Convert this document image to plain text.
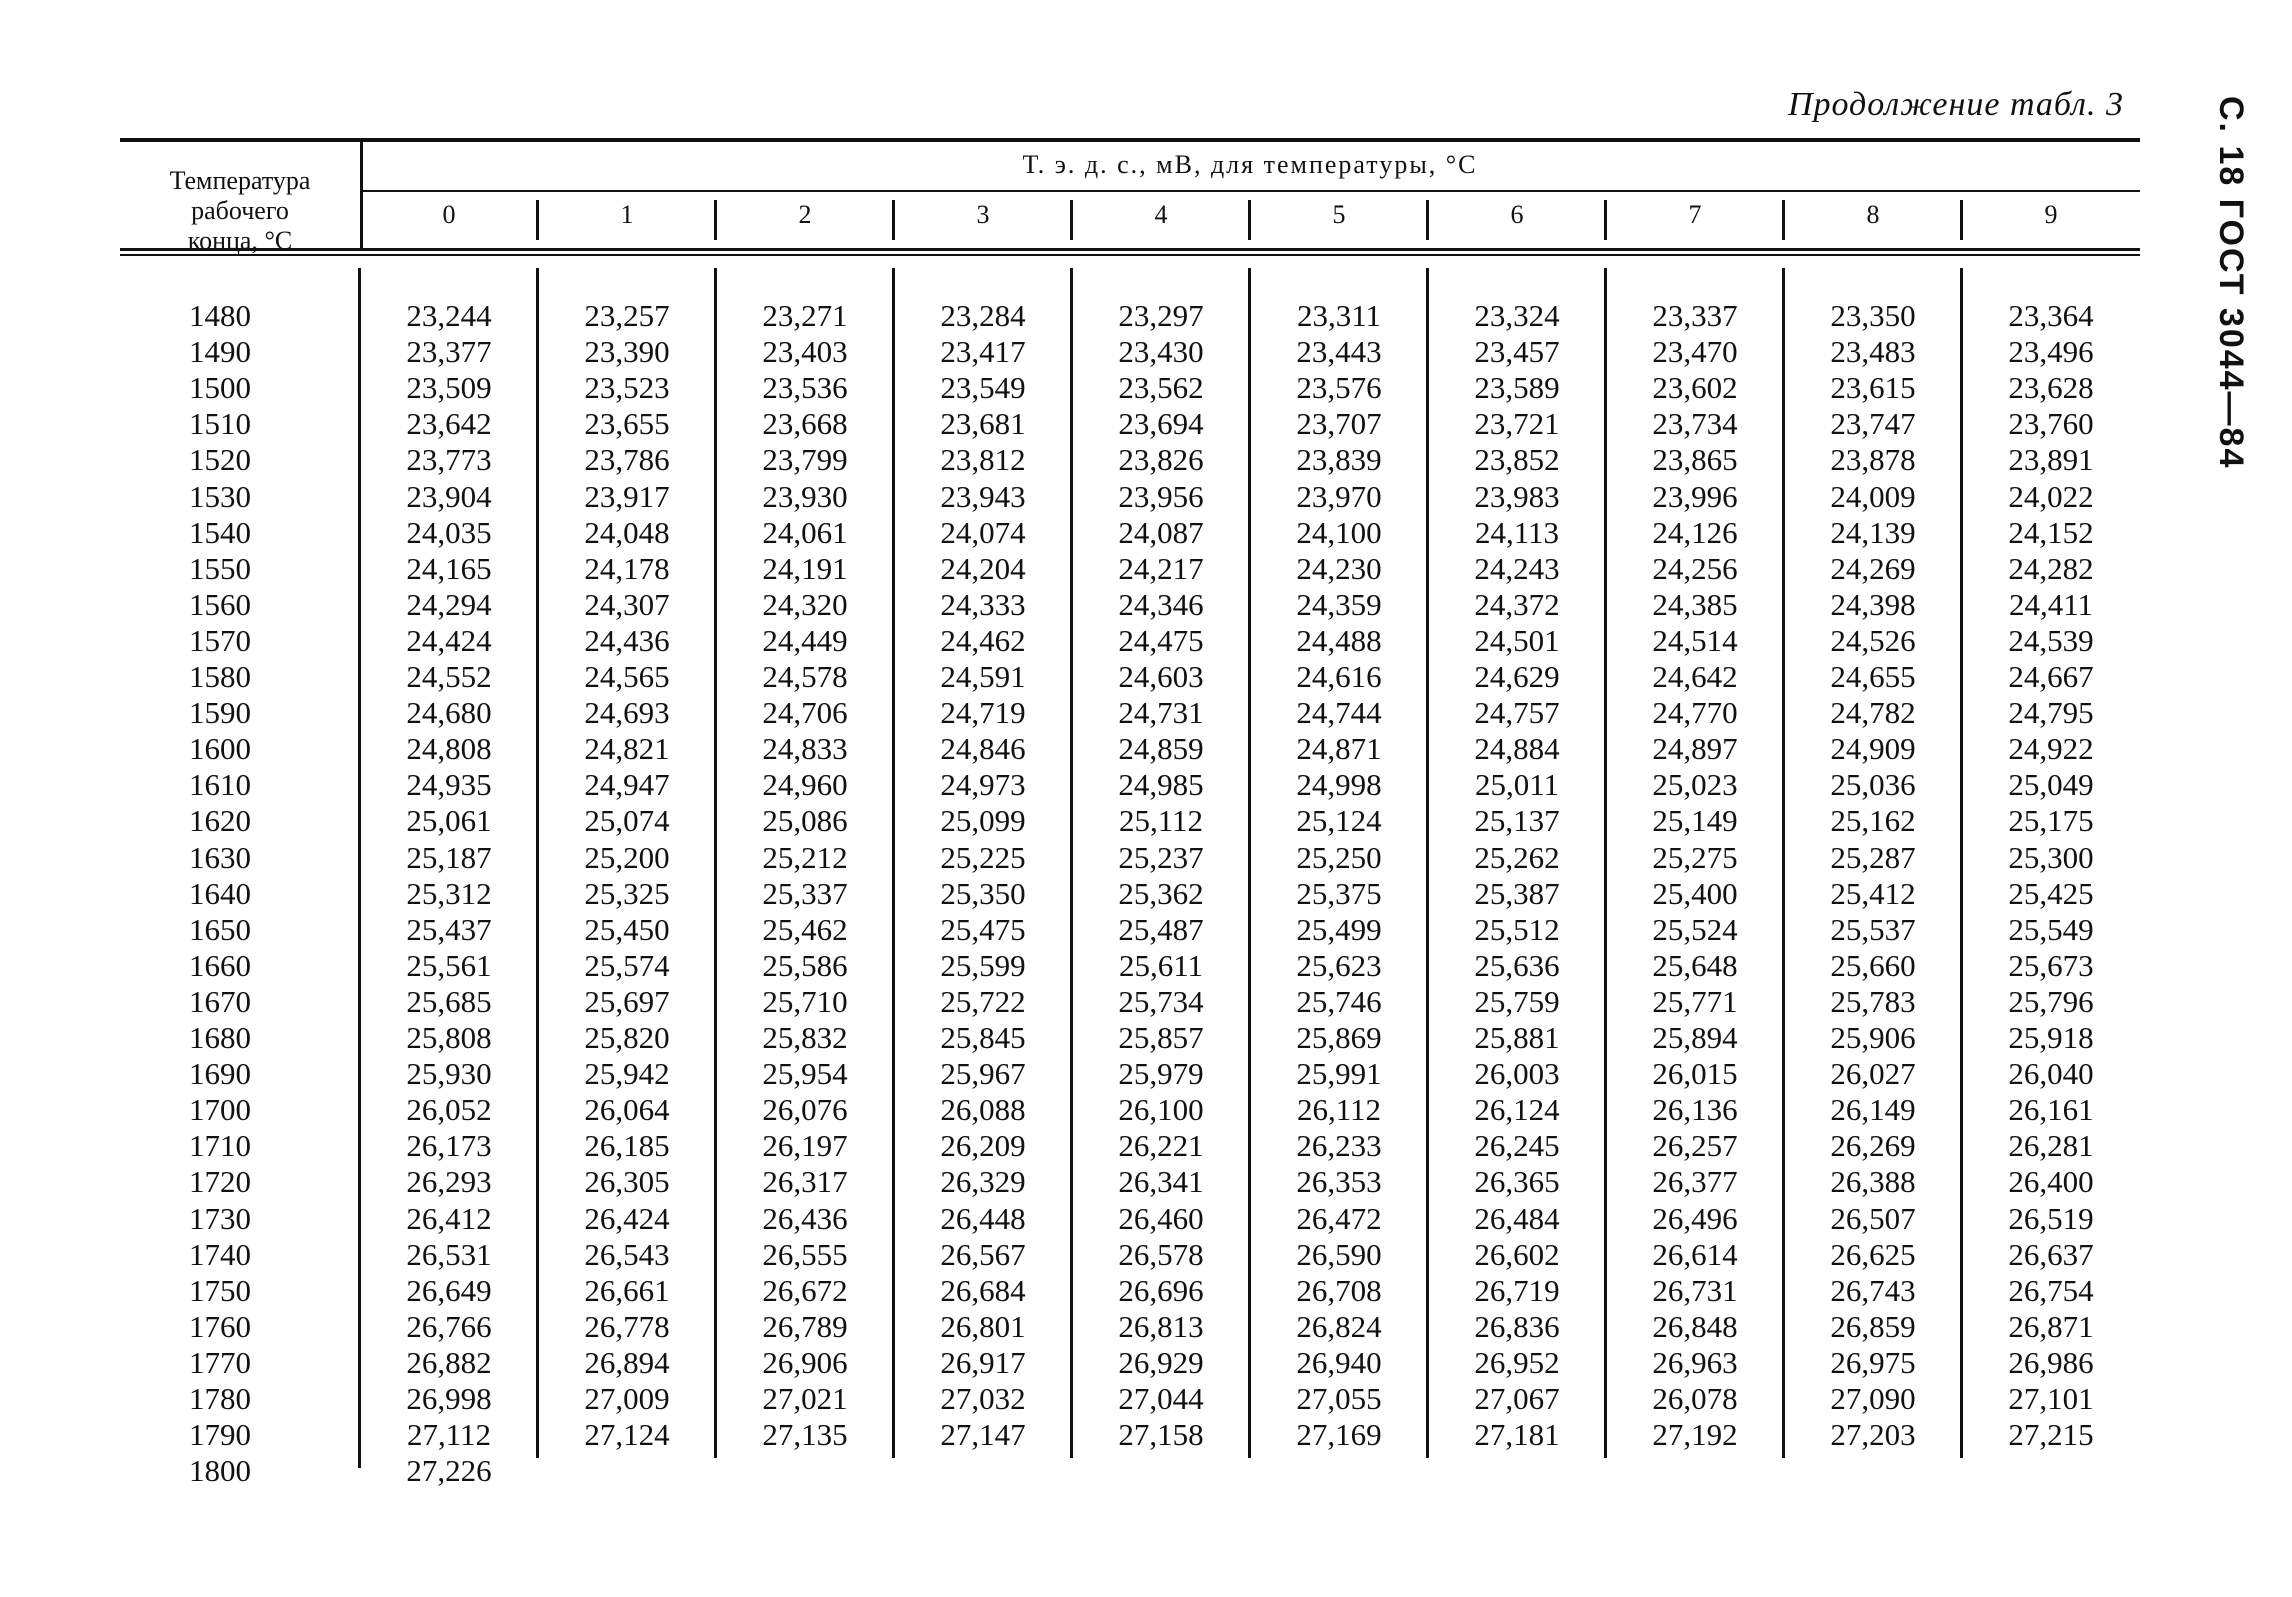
Продолжение табл. 3	С. 18 ГОСТ 3044—84
Температура
рабочего
конца, °С
Т. э. д. с., мВ, для температуры, °С
0	1	2	3	4	5	6	7	8	9
1480	23,244	23,257	23,271	23,284	23,297	23,311	23,324	23,337	23,350	23,364
1490	23,377	23,390	23,403	23,417	23,430	23,443	23,457	23,470	23,483	23,496
1500	23,509	23,523	23,536	23,549	23,562	23,576	23,589	23,602	23,615	23,628
1510	23,642	23,655	23,668	23,681	23,694	23,707	23,721	23,734	23,747	23,760
1520	23,773	23,786	23,799	23,812	23,826	23,839	23,852	23,865	23,878	23,891
1530	23,904	23,917	23,930	23,943	23,956	23,970	23,983	23,996	24,009	24,022
1540	24,035	24,048	24,061	24,074	24,087	24,100	24,113	24,126	24,139	24,152
1550	24,165	24,178	24,191	24,204	24,217	24,230	24,243	24,256	24,269	24,282
1560	24,294	24,307	24,320	24,333	24,346	24,359	24,372	24,385	24,398	24,411
1570	24,424	24,436	24,449	24,462	24,475	24,488	24,501	24,514	24,526	24,539
1580	24,552	24,565	24,578	24,591	24,603	24,616	24,629	24,642	24,655	24,667
1590	24,680	24,693	24,706	24,719	24,731	24,744	24,757	24,770	24,782	24,795
1600	24,808	24,821	24,833	24,846	24,859	24,871	24,884	24,897	24,909	24,922
1610	24,935	24,947	24,960	24,973	24,985	24,998	25,011	25,023	25,036	25,049
1620	25,061	25,074	25,086	25,099	25,112	25,124	25,137	25,149	25,162	25,175
1630	25,187	25,200	25,212	25,225	25,237	25,250	25,262	25,275	25,287	25,300
1640	25,312	25,325	25,337	25,350	25,362	25,375	25,387	25,400	25,412	25,425
1650	25,437	25,450	25,462	25,475	25,487	25,499	25,512	25,524	25,537	25,549
1660	25,561	25,574	25,586	25,599	25,611	25,623	25,636	25,648	25,660	25,673
1670	25,685	25,697	25,710	25,722	25,734	25,746	25,759	25,771	25,783	25,796
1680	25,808	25,820	25,832	25,845	25,857	25,869	25,881	25,894	25,906	25,918
1690	25,930	25,942	25,954	25,967	25,979	25,991	26,003	26,015	26,027	26,040
1700	26,052	26,064	26,076	26,088	26,100	26,112	26,124	26,136	26,149	26,161
1710	26,173	26,185	26,197	26,209	26,221	26,233	26,245	26,257	26,269	26,281
1720	26,293	26,305	26,317	26,329	26,341	26,353	26,365	26,377	26,388	26,400
1730	26,412	26,424	26,436	26,448	26,460	26,472	26,484	26,496	26,507	26,519
1740	26,531	26,543	26,555	26,567	26,578	26,590	26,602	26,614	26,625	26,637
1750	26,649	26,661	26,672	26,684	26,696	26,708	26,719	26,731	26,743	26,754
1760	26,766	26,778	26,789	26,801	26,813	26,824	26,836	26,848	26,859	26,871
1770	26,882	26,894	26,906	26,917	26,929	26,940	26,952	26,963	26,975	26,986
1780	26,998	27,009	27,021	27,032	27,044	27,055	27,067	26,078	27,090	27,101
1790	27,112	27,124	27,135	27,147	27,158	27,169	27,181	27,192	27,203	27,215
1800	27,226
